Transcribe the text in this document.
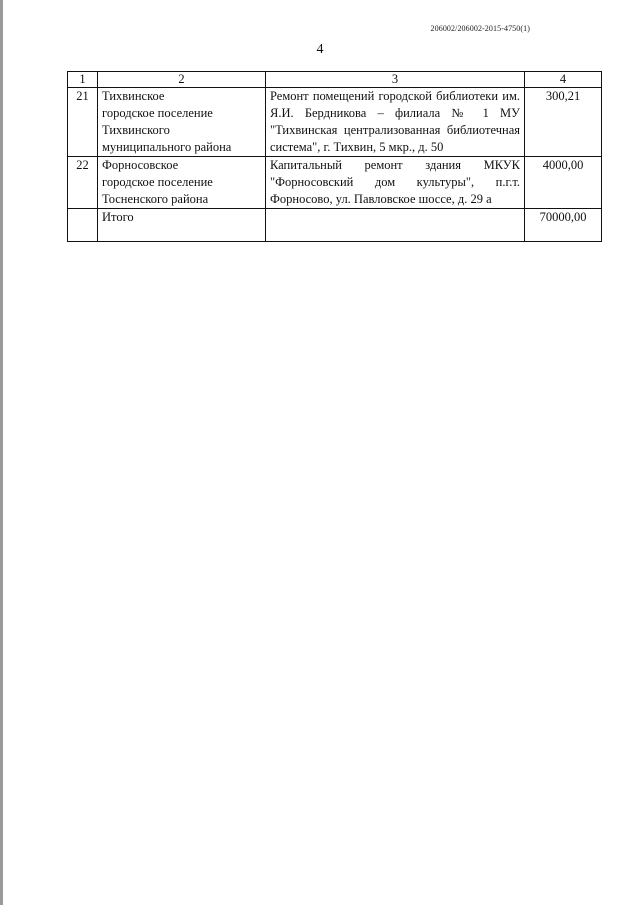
206002/206002-2015-4750(1)
4
1	2	3	4
21	Тихвинское
городское поселение
Тихвинского
муниципального района	Ремонт помещений городской библиотеки им. Я.И. Бердникова – филиала № 1 МУ "Тихвинская централизованная библиотечная система", г. Тихвин, 5 мкр., д. 50	300,21
22	Форносовское
городское поселение
Тосненского района	Капитальный ремонт здания МКУК "Форносовский дом культуры", п.г.т. Форносово, ул. Павловское шоссе, д. 29 а	4000,00
	Итого		70000,00
